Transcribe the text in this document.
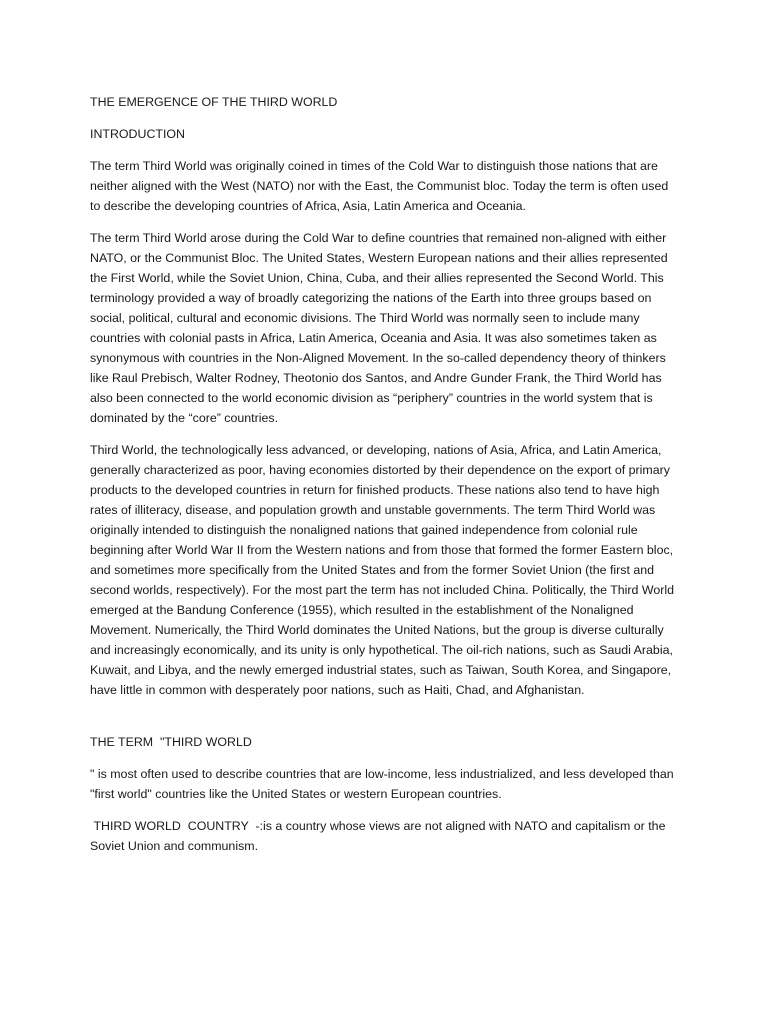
THE EMERGENCE OF THE THIRD WORLD

INTRODUCTION

The term Third World was originally coined in times of the Cold War to distinguish those nations that are neither aligned with the West (NATO) nor with the East, the Communist bloc. Today the term is often used to describe the developing countries of Africa, Asia, Latin America and Oceania.

The term Third World arose during the Cold War to define countries that remained non-aligned with either NATO, or the Communist Bloc. The United States, Western European nations and their allies represented the First World, while the Soviet Union, China, Cuba, and their allies represented the Second World. This terminology provided a way of broadly categorizing the nations of the Earth into three groups based on social, political, cultural and economic divisions. The Third World was normally seen to include many countries with colonial pasts in Africa, Latin America, Oceania and Asia. It was also sometimes taken as synonymous with countries in the Non-Aligned Movement. In the so-called dependency theory of thinkers like Raul Prebisch, Walter Rodney, Theotonio dos Santos, and Andre Gunder Frank, the Third World has also been connected to the world economic division as “periphery” countries in the world system that is dominated by the “core” countries.

Third World, the technologically less advanced, or developing, nations of Asia, Africa, and Latin America, generally characterized as poor, having economies distorted by their dependence on the export of primary products to the developed countries in return for finished products. These nations also tend to have high rates of illiteracy, disease, and population growth and unstable governments. The term Third World was originally intended to distinguish the nonaligned nations that gained independence from colonial rule beginning after World War II from the Western nations and from those that formed the former Eastern bloc, and sometimes more specifically from the United States and from the former Soviet Union (the first and second worlds, respectively). For the most part the term has not included China. Politically, the Third World emerged at the Bandung Conference (1955), which resulted in the establishment of the Nonaligned Movement. Numerically, the Third World dominates the United Nations, but the group is diverse culturally and increasingly economically, and its unity is only hypothetical. The oil-rich nations, such as Saudi Arabia, Kuwait, and Libya, and the newly emerged industrial states, such as Taiwan, South Korea, and Singapore, have little in common with desperately poor nations, such as Haiti, Chad, and Afghanistan.

THE TERM  "THIRD WORLD

" is most often used to describe countries that are low-income, less industrialized, and less developed than "first world" countries like the United States or western European countries.

THIRD WORLD  COUNTRY  -:is a country whose views are not aligned with NATO and capitalism or the Soviet Union and communism.
